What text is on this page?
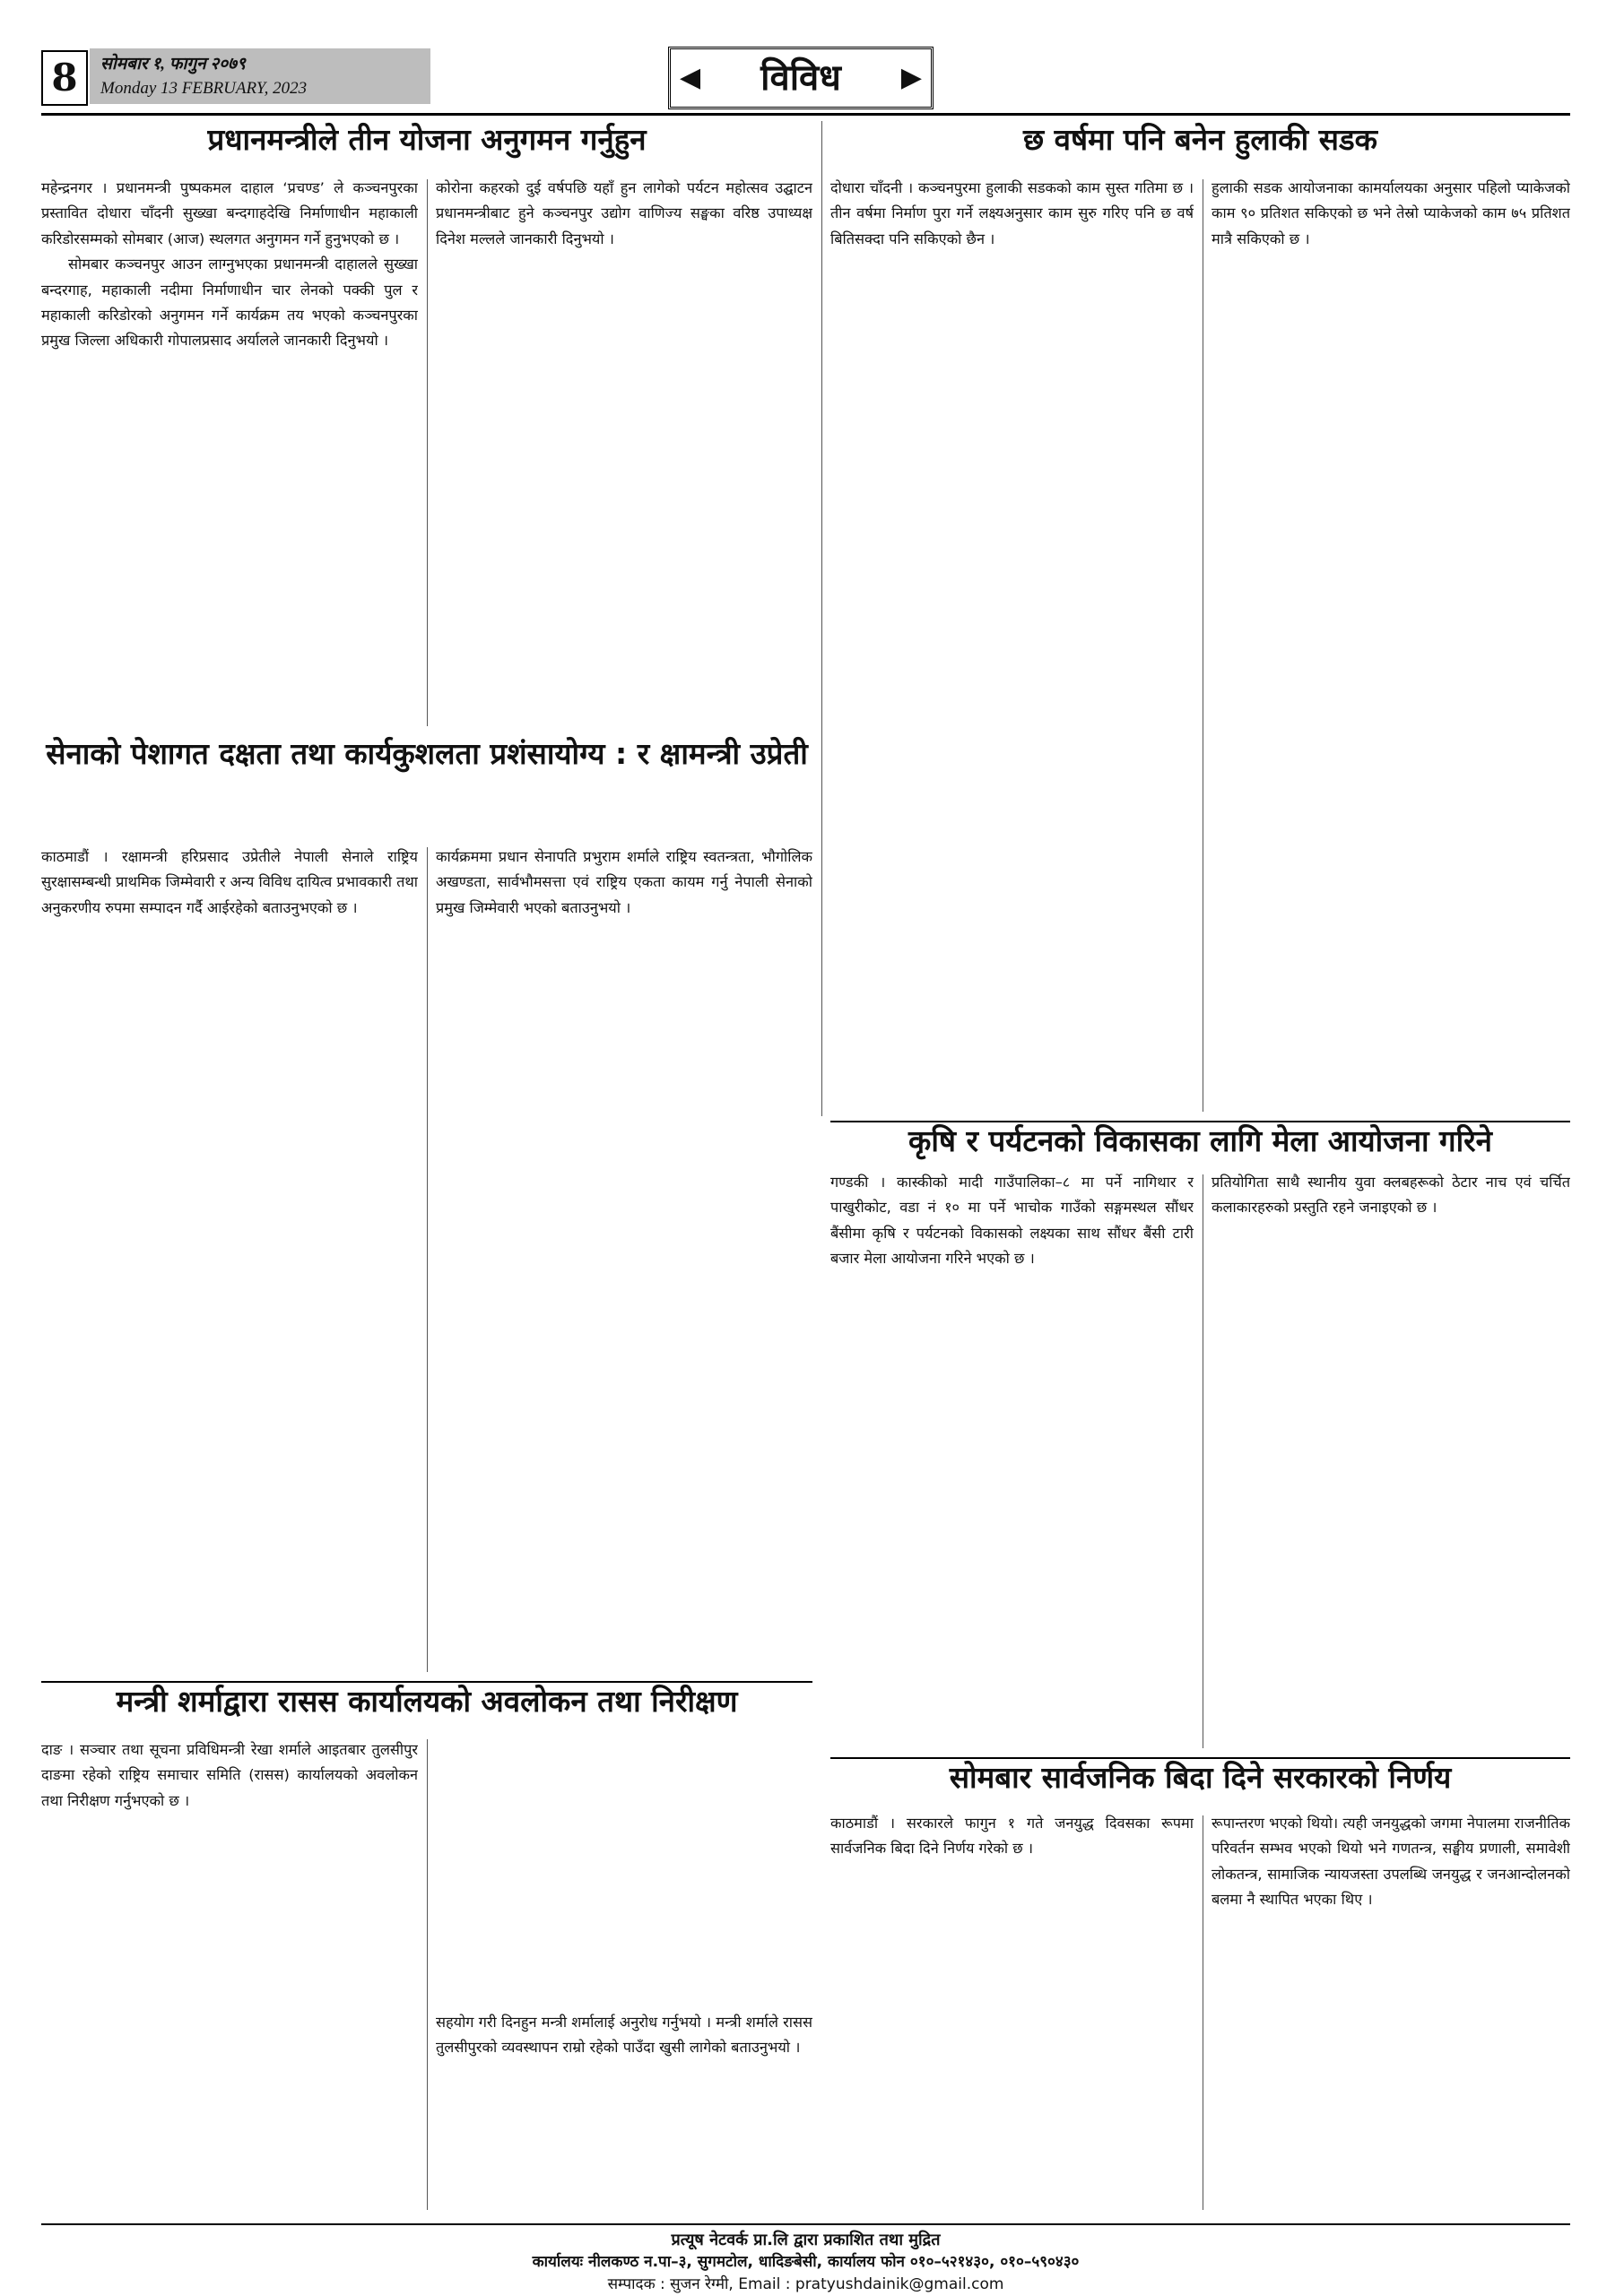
8	सोमबार १, फागुन २०७९
Monday 13 FEBRUARY, 2023	◀ विविध ▶
प्रधानमन्त्रीले तीन योजना अनुगमन गर्नुहुन

महेन्द्रनगर । प्रधानमन्त्री पुष्पकमल दाहाल ‘प्रचण्ड’ ले कञ्चनपुरका प्रस्तावित दोधारा चाँदनी सुख्खा बन्दगाहदेखि निर्माणाधीन महाकाली करिडोरसम्मको सोमबार (आज) स्थलगत अनुगमन गर्ने हुनुभएको छ ।

सोमबार कञ्चनपुर आउन लाग्नुभएका प्रधानमन्त्री दाहालले सुख्खा बन्दरगाह, महाकाली नदीमा निर्माणाधीन चार लेनको पक्की पुल र महाकाली करिडोरको अनुगमन गर्ने कार्यक्रम तय भएको कञ्चनपुरका प्रमुख जिल्ला अधिकारी गोपालप्रसाद अर्यालले जानकारी दिनुभयो ।

कोरोना कहरको दुई वर्षपछि यहाँ हुन लागेको पर्यटन महोत्सव उद्घाटन प्रधानमन्त्रीबाट हुने कञ्चनपुर उद्योग वाणिज्य सङ्घका वरिष्ठ उपाध्यक्ष दिनेश मल्लले जानकारी दिनुभयो ।

छ वर्षमा पनि बनेन हुलाकी सडक

दोधारा चाँदनी । कञ्चनपुरमा हुलाकी सडकको काम सुस्त गतिमा छ । तीन वर्षमा निर्माण पुरा गर्ने लक्ष्यअनुसार काम सुरु गरिए पनि छ वर्ष बितिसक्दा पनि सकिएको छैन ।

हुलाकी सडक आयोजनाका कामर्यालयका अनुसार पहिलो प्याकेजको काम ९० प्रतिशत सकिएको छ भने तेस्रो प्याकेजको काम ७५ प्रतिशत मात्रै सकिएको छ ।

सेनाको पेशागत दक्षता तथा कार्यकुशलता प्रशंसायोग्य : र क्षामन्त्री उप्रेती

काठमाडौं । रक्षामन्त्री हरिप्रसाद उप्रेतीले नेपाली सेनाले राष्ट्रिय सुरक्षासम्बन्धी प्राथमिक जिम्मेवारी र अन्य विविध दायित्व प्रभावकारी तथा अनुकरणीय रुपमा सम्पादन गर्दै आईरहेको बताउनुभएको छ ।

कार्यक्रममा प्रधान सेनापति प्रभुराम शर्माले राष्ट्रिय स्वतन्त्रता, भौगोलिक अखण्डता, सार्वभौमसत्ता एवं राष्ट्रिय एकता कायम गर्नु नेपाली सेनाको प्रमुख जिम्मेवारी भएको बताउनुभयो ।

कृषि र पर्यटनको विकासका लागि मेला आयोजना गरिने

गण्डकी । कास्कीको मादी गाउँपालिका–८ मा पर्ने नागिथार र पाखुरीकोट, वडा नं १० मा पर्ने भाचोक गाउँको सङ्गमस्थल सौंधर बैंसीमा कृषि र पर्यटनको विकासको लक्ष्यका साथ सौंधर बैंसी टारी बजार मेला आयोजना गरिने भएको छ ।

प्रतियोगिता साथै स्थानीय युवा क्लबहरूको ठेटार नाच एवं चर्चित कलाकारहरुको प्रस्तुति रहने जनाइएको छ ।

मन्त्री शर्माद्वारा रासस कार्यालयको अवलोकन तथा निरीक्षण

दाङ । सञ्चार तथा सूचना प्रविधिमन्त्री रेखा शर्माले आइतबार तुलसीपुर दाङमा रहेको राष्ट्रिय समाचार समिति (रासस) कार्यालयको अवलोकन तथा निरीक्षण गर्नुभएको छ ।

सहयोग गरी दिनहुन मन्त्री शर्मालाई अनुरोध गर्नुभयो । मन्त्री शर्माले रासस तुलसीपुरको व्यवस्थापन राम्रो रहेको पाउँदा खुसी लागेको बताउनुभयो ।

सोमबार सार्वजनिक बिदा दिने सरकारको निर्णय

काठमाडौं । सरकारले फागुन १ गते जनयुद्ध दिवसका रूपमा सार्वजनिक बिदा दिने निर्णय गरेको छ ।

रूपान्तरण भएको थियो। त्यही जनयुद्धको जगमा नेपालमा राजनीतिक परिवर्तन सम्भव भएको थियो भने गणतन्त्र, सङ्घीय प्रणाली, समावेशी लोकतन्त्र, सामाजिक न्यायजस्ता उपलब्धि जनयुद्ध र जनआन्दोलनको बलमा नै स्थापित भएका थिए ।

प्रत्यूष नेटवर्क प्रा.लि द्वारा प्रकाशित तथा मुद्रित
कार्यालयः नीलकण्ठ न.पा–३, सुगमटोल, धादिङबेसी, कार्यालय फोन ०१०–५२१४३०, ०१०–५९०४३०
सम्पादक : सुजन रेग्मी, Email : pratyushdainik@gmail.com
